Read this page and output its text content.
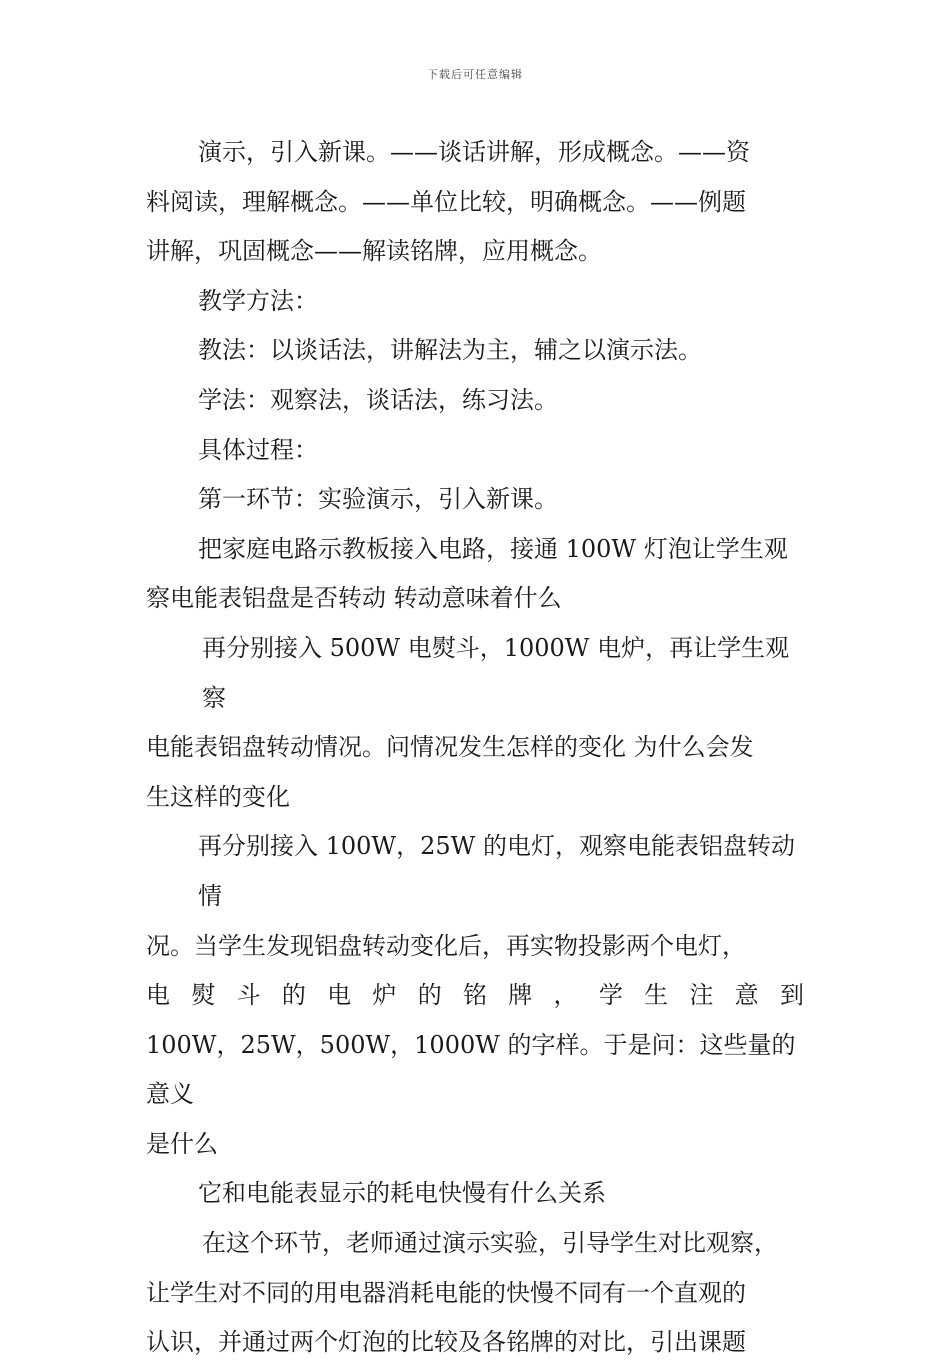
下载后可任意编辑
演示，引入新课。——谈话讲解，形成概念。——资
料阅读，理解概念。——单位比较，明确概念。——例题
讲解，巩固概念——解读铭牌，应用概念。
教学方法：
教法：以谈话法，讲解法为主，辅之以演示法。
学法：观察法，谈话法，练习法。
具体过程：
第一环节：实验演示，引入新课。
把家庭电路示教板接入电路，接通 100W 灯泡让学生观
察电能表铝盘是否转动 转动意味着什么
再分别接入 500W 电熨斗，1000W 电炉，再让学生观察
电能表铝盘转动情况。问情况发生怎样的变化 为什么会发
生这样的变化
再分别接入 100W，25W 的电灯，观察电能表铝盘转动情
况。当学生发现铝盘转动变化后，再实物投影两个电灯，
电 熨 斗 的 电 炉 的 铭 牌 ， 学 生 注 意 到
100W，25W，500W，1000W 的字样。于是问：这些量的意义
是什么
它和电能表显示的耗电快慢有什么关系
在这个环节，老师通过演示实验，引导学生对比观察，
让学生对不同的用电器消耗电能的快慢不同有一个直观的
认识，并通过两个灯泡的比较及各铭牌的对比，引出课题
